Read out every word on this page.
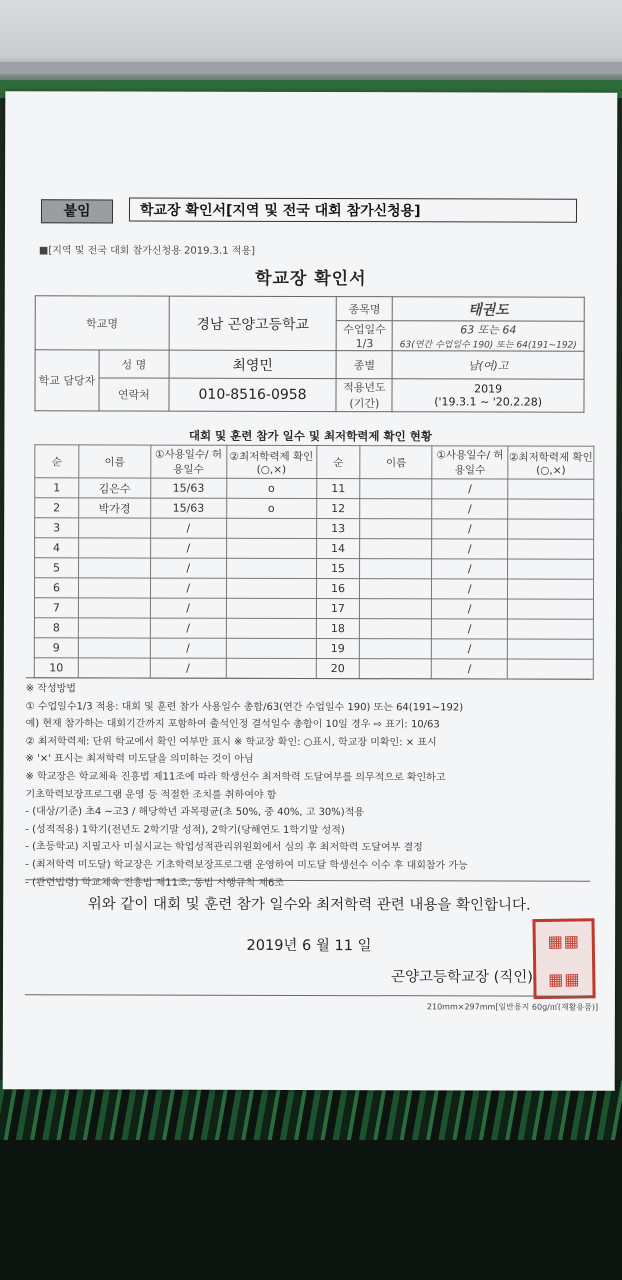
붙임	학교장 확인서[지역 및 전국 대회 참가신청용]
■[지역 및 전국 대회 참가신청용 2019.3.1 적용]
학교장 확인서
학교명		경남 곤양고등학교	종목명	태권도
			수업일수 1/3	63 또는 64
63(연간 수업일수 190) 또는 64(191~192)

학교 담당자	성 명	최영민	종별	남(여)고
	연락처	010-8516-0958	적용년도 (기간)	2019
('19.3.1 ~ '20.2.28)
대회 및 훈련 참가 일수 및 최저학력제 확인 현황
순	이름	①사용일수/ 허용일수	②최저학력제 확인(○,×)	순	이름	①사용일수/ 허용일수	②최저학력제 확인(○,×)
1	김은수	15/63	o	11		/	
2	박가경	15/63	o	12		/	
3		/		13		/	
4		/		14		/	
5		/		15		/	
6		/		16		/	
7		/		17		/	
8		/		18		/	
9		/		19		/	
10		/		20		/	
※ 작성방법
① 수업일수1/3 적용: 대회 및 훈련 참가 사용일수 총합/63(연간 수업일수 190) 또는 64(191~192)
예) 현재 참가하는 대회기간까지 포함하여 출석인정 결석일수 총합이 10일 경우 ⇨ 표기: 10/63
② 최저학력제: 단위 학교에서 확인 여부만 표시 ※ 학교장 확인: ○표시, 학교장 미확인: × 표시
※ '×' 표시는 최저학력 미도달을 의미하는 것이 아님
※ 학교장은 학교체육 진흥법 제11조에 따라 학생선수 최저학력 도달여부를 의무적으로 확인하고
기초학력보장프로그램 운영 등 적절한 조치를 취하여야 함
- (대상/기준) 초4 ~고3 / 해당학년 과목평균(초 50%, 중 40%, 고 30%)적용
- (성적적용) 1학기(전년도 2학기말 성적), 2학기(당해연도 1학기말 성적)
- (초등학교) 지필고사 미실시교는 학업성적관리위원회에서 심의 후 최저학력 도달여부 결정
- (최저학력 미도달) 학교장은 기초학력보장프로그램 운영하여 미도달 학생선수 이수 후 대회참가 가능
- (관련법령) 학교체육 진흥법 제11조, 동법 시행규칙 제6조
위와 같이 대회 및 훈련 참가 일수와 최저학력 관련 내용을 확인합니다.
2019년 6 월 11 일
곤양고등학교장 (직인)
▦▦
▦▦
210mm×297mm[일반용지 60g/㎡(재활용품)]
